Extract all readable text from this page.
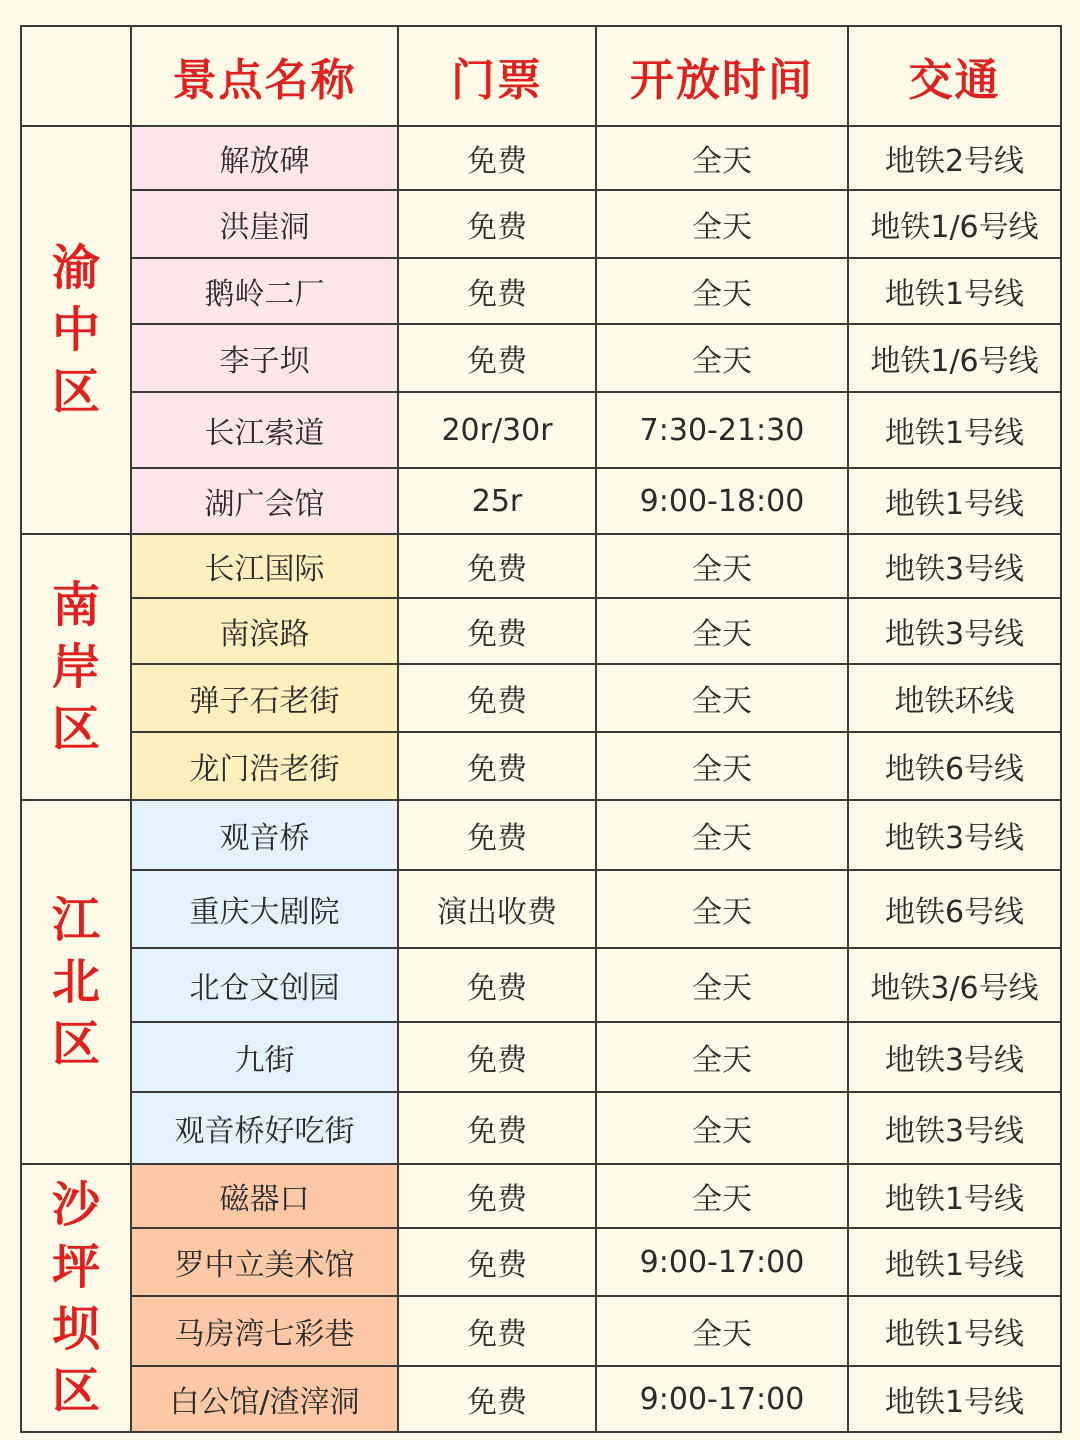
	景点名称	门票	开放时间	交通
渝中区	解放碑	免费	全天	地铁2号线
	洪崖洞	免费	全天	地铁1/6号线
	鹅岭二厂	免费	全天	地铁1号线
	李子坝	免费	全天	地铁1/6号线
	长江索道	20r/30r	7:30-21:30	地铁1号线
	湖广会馆	25r	9:00-18:00	地铁1号线
南岸区	长江国际	免费	全天	地铁3号线
	南滨路	免费	全天	地铁3号线
	弹子石老街	免费	全天	地铁环线
	龙门浩老街	免费	全天	地铁6号线
江北区	观音桥	免费	全天	地铁3号线
	重庆大剧院	演出收费	全天	地铁6号线
	北仓文创园	免费	全天	地铁3/6号线
	九街	免费	全天	地铁3号线
	观音桥好吃街	免费	全天	地铁3号线
沙坪坝区	磁器口	免费	全天	地铁1号线
	罗中立美术馆	免费	9:00-17:00	地铁1号线
	马房湾七彩巷	免费	全天	地铁1号线
	白公馆/渣滓洞	免费	9:00-17:00	地铁1号线
